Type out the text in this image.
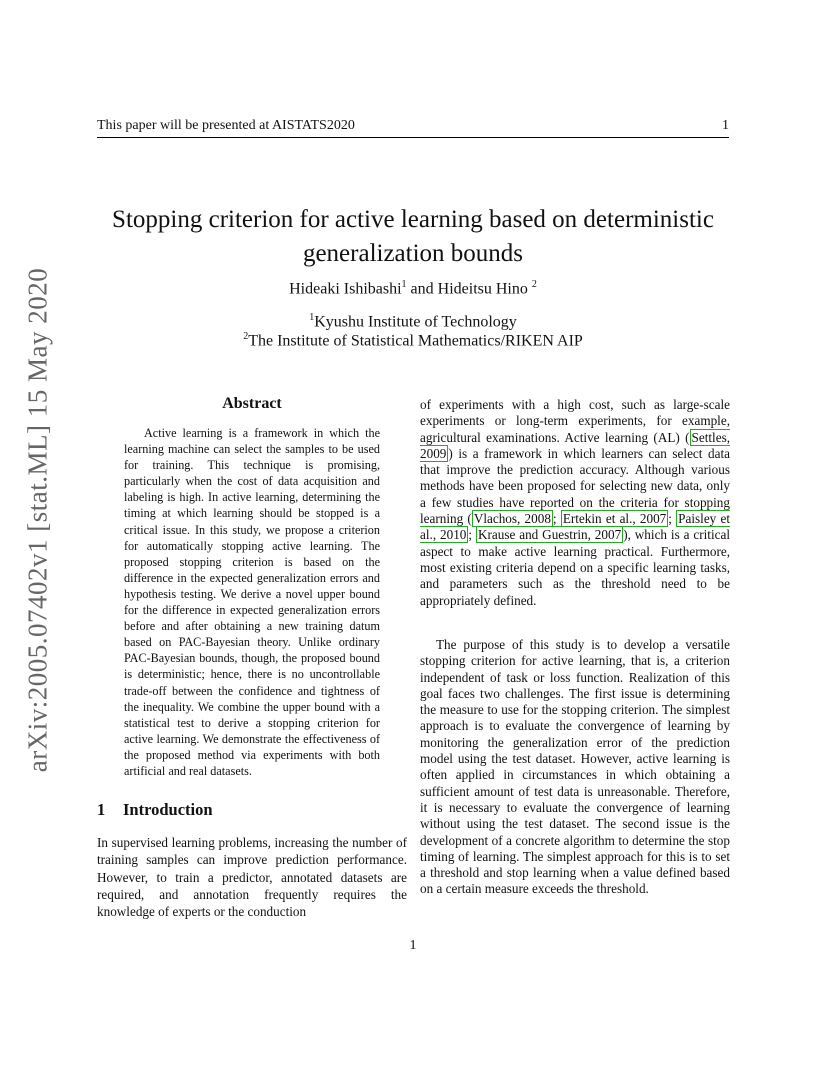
This paper will be presented at AISTATS2020	1
arXiv:2005.07402v1 [stat.ML] 15 May 2020
Stopping criterion for active learning based on deterministic generalization bounds
Hideaki Ishibashi$^1$ and Hideitsu Hino $^2$
$^1$Kyushu Institute of Technology
$^2$The Institute of Statistical Mathematics/RIKEN AIP
Abstract

Active learning is a framework in which the learning machine can select the samples to be used for training. This technique is promising, particularly when the cost of data acquisition and labeling is high. In active learning, determining the timing at which learning should be stopped is a critical issue. In this study, we propose a criterion for automatically stopping active learning. The proposed stopping criterion is based on the difference in the expected generalization errors and hypothesis testing. We derive a novel upper bound for the difference in expected generalization errors before and after obtaining a new training datum based on PAC-Bayesian theory. Unlike ordinary PAC-Bayesian bounds, though, the proposed bound is deterministic; hence, there is no uncontrollable trade-off between the confidence and tightness of the inequality. We combine the upper bound with a statistical test to derive a stopping criterion for active learning. We demonstrate the effectiveness of the proposed method via experiments with both artificial and real datasets.

1 Introduction

In supervised learning problems, increasing the number of training samples can improve prediction performance. However, to train a predictor, annotated datasets are required, and annotation frequently requires the knowledge of experts or the conduction

of experiments with a high cost, such as large-scale experiments or long-term experiments, for example, agricultural examinations. Active learning (AL) ( Settles, 2009 ) is a framework in which learners can select data that improve the prediction accuracy. Although various methods have been proposed for selecting new data, only a few studies have reported on the criteria for stopping learning ( Vlachos, 2008 ; Ertekin et al., 2007 ; Paisley et al., 2010 ; Krause and Guestrin, 2007 ), which is a critical aspect to make active learning practical. Furthermore, most existing criteria depend on a specific learning tasks, and parameters such as the threshold need to be appropriately defined.

The purpose of this study is to develop a versatile stopping criterion for active learning, that is, a criterion independent of task or loss function. Realization of this goal faces two challenges. The first issue is determining the measure to use for the stopping criterion. The simplest approach is to evaluate the convergence of learning by monitoring the generalization error of the prediction model using the test dataset. However, active learning is often applied in circumstances in which obtaining a sufficient amount of test data is unreasonable. Therefore, it is necessary to evaluate the convergence of learning without using the test dataset. The second issue is the development of a concrete algorithm to determine the stop timing of learning. The simplest approach for this is to set a threshold and stop learning when a value defined based on a certain measure exceeds the threshold.

1
